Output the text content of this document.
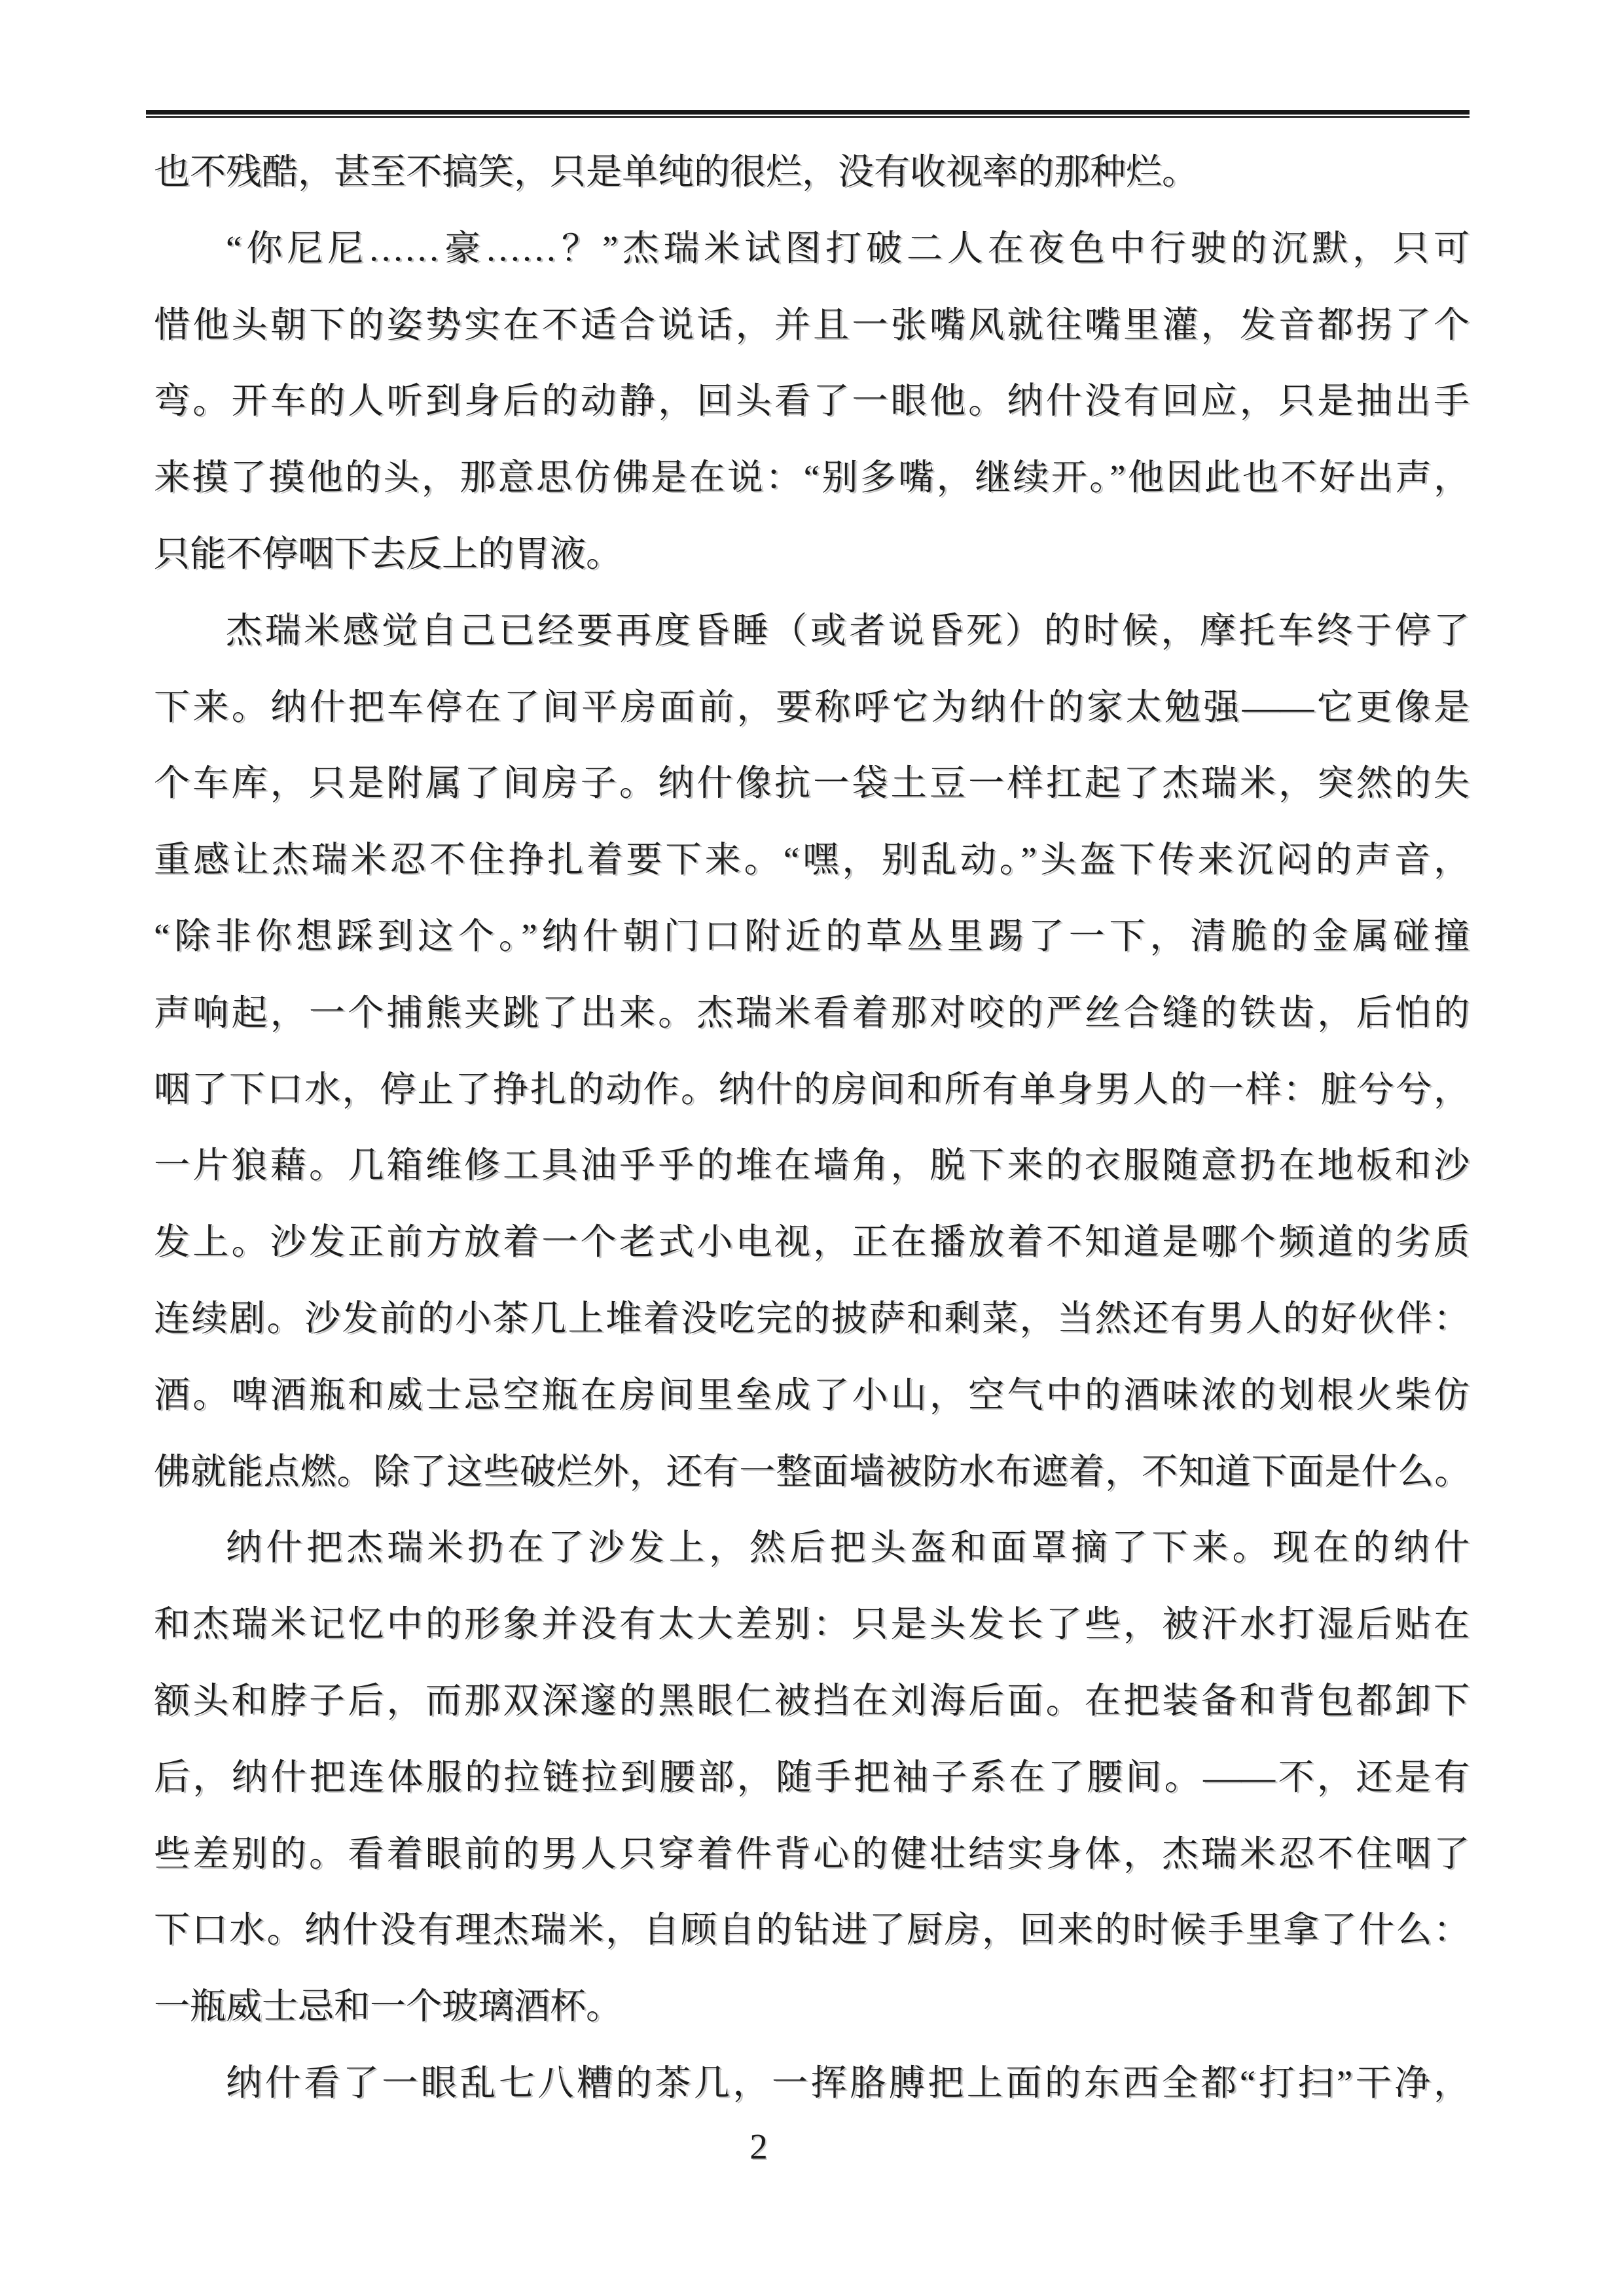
也不残酷，甚至不搞笑，只是单纯的很烂，没有收视率的那种烂。
“你尼尼……豪……？”杰瑞米试图打破二人在夜色中行驶的沉默，只可
惜他头朝下的姿势实在不适合说话，并且一张嘴风就往嘴里灌，发音都拐了个
弯。开车的人听到身后的动静，回头看了一眼他。纳什没有回应，只是抽出手
来摸了摸他的头，那意思仿佛是在说：“别多嘴，继续开。”他因此也不好出声，
只能不停咽下去反上的胃液。
杰瑞米感觉自己已经要再度昏睡（或者说昏死）的时候，摩托车终于停了
下来。纳什把车停在了间平房面前，要称呼它为纳什的家太勉强——它更像是
个车库，只是附属了间房子。纳什像抗一袋土豆一样扛起了杰瑞米，突然的失
重感让杰瑞米忍不住挣扎着要下来。“嘿，别乱动。”头盔下传来沉闷的声音，
“除非你想踩到这个。”纳什朝门口附近的草丛里踢了一下，清脆的金属碰撞
声响起，一个捕熊夹跳了出来。杰瑞米看着那对咬的严丝合缝的铁齿，后怕的
咽了下口水，停止了挣扎的动作。纳什的房间和所有单身男人的一样：脏兮兮，
一片狼藉。几箱维修工具油乎乎的堆在墙角，脱下来的衣服随意扔在地板和沙
发上。沙发正前方放着一个老式小电视，正在播放着不知道是哪个频道的劣质
连续剧。沙发前的小茶几上堆着没吃完的披萨和剩菜，当然还有男人的好伙伴：
酒。啤酒瓶和威士忌空瓶在房间里垒成了小山，空气中的酒味浓的划根火柴仿
佛就能点燃。除了这些破烂外，还有一整面墙被防水布遮着，不知道下面是什么。
纳什把杰瑞米扔在了沙发上，然后把头盔和面罩摘了下来。现在的纳什
和杰瑞米记忆中的形象并没有太大差别：只是头发长了些，被汗水打湿后贴在
额头和脖子后，而那双深邃的黑眼仁被挡在刘海后面。在把装备和背包都卸下
后，纳什把连体服的拉链拉到腰部，随手把袖子系在了腰间。——不，还是有
些差别的。看着眼前的男人只穿着件背心的健壮结实身体，杰瑞米忍不住咽了
下口水。纳什没有理杰瑞米，自顾自的钻进了厨房，回来的时候手里拿了什么：
一瓶威士忌和一个玻璃酒杯。
纳什看了一眼乱七八糟的茶几，一挥胳膊把上面的东西全都“打扫”干净，
2
